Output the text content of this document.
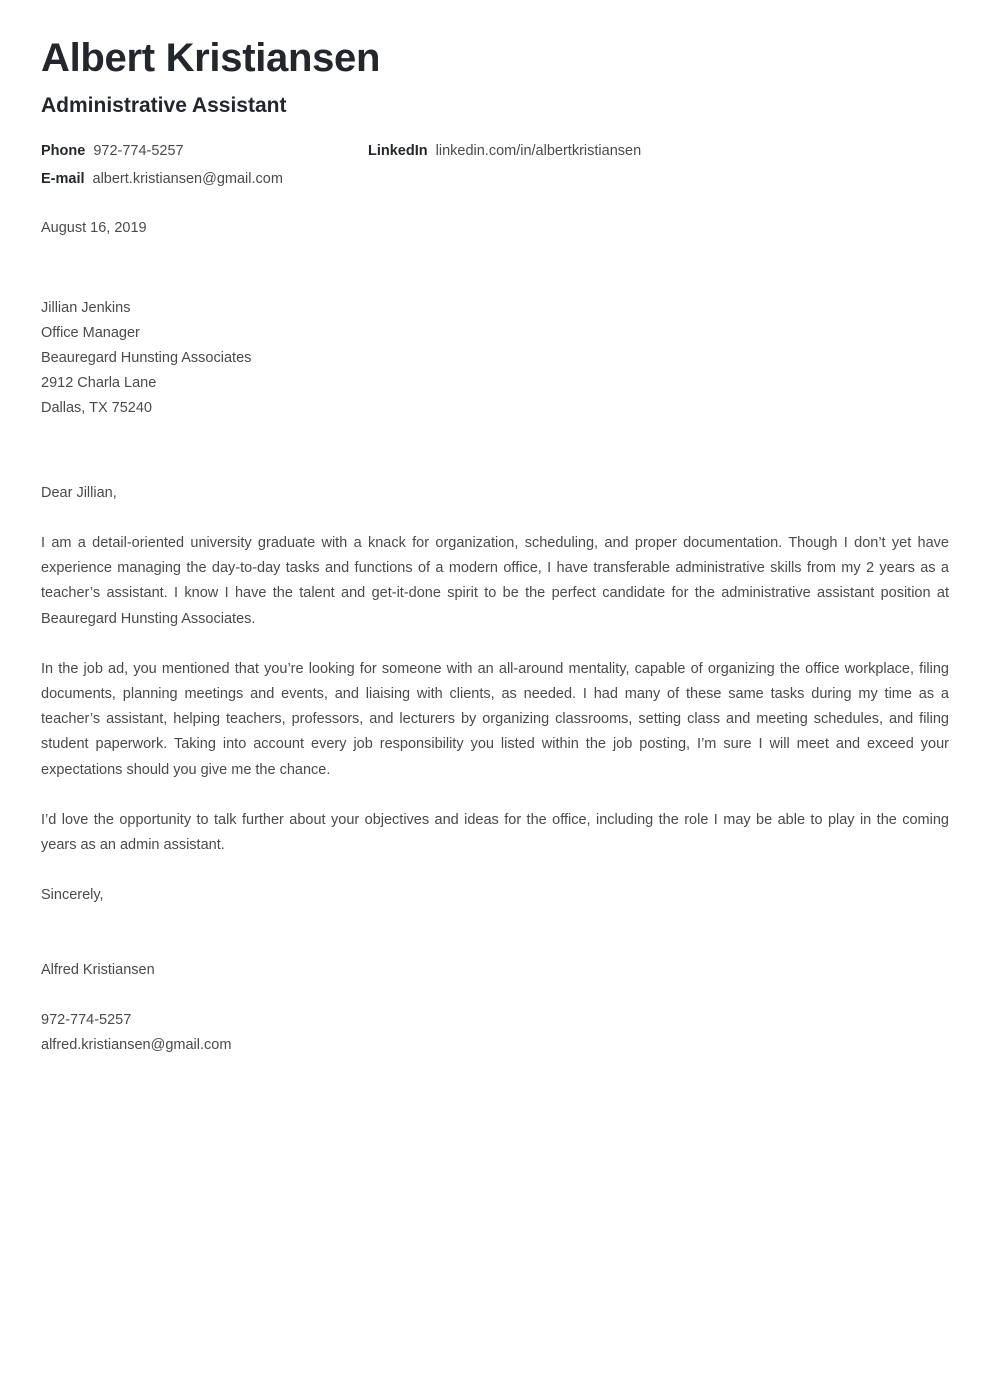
Albert Kristiansen
Administrative Assistant
Phone 972-774-5257	LinkedIn linkedin.com/in/albertkristiansen
E-mail albert.kristiansen@gmail.com
August 16, 2019
Jillian Jenkins
Office Manager
Beauregard Hunsting Associates
2912 Charla Lane
Dallas, TX 75240
Dear Jillian,

I am a detail-oriented university graduate with a knack for organization, scheduling, and proper documentation. Though I don’t yet have experience managing the day-to-day tasks and functions of a modern office, I have transferable administrative skills from my 2 years as a teacher’s assistant. I know I have the talent and get-it-done spirit to be the perfect candidate for the administrative assistant position at Beauregard Hunsting Associates.

In the job ad, you mentioned that you’re looking for someone with an all-around mentality, capable of organizing the office workplace, filing documents, planning meetings and events, and liaising with clients, as needed. I had many of these same tasks during my time as a teacher’s assistant, helping teachers, professors, and lecturers by organizing classrooms, setting class and meeting schedules, and filing student paperwork. Taking into account every job responsibility you listed within the job posting, I’m sure I will meet and exceed your expectations should you give me the chance.

I’d love the opportunity to talk further about your objectives and ideas for the office, including the role I may be able to play in the coming years as an admin assistant.

Sincerely,
Alfred Kristiansen
972-774-5257
alfred.kristiansen@gmail.com
